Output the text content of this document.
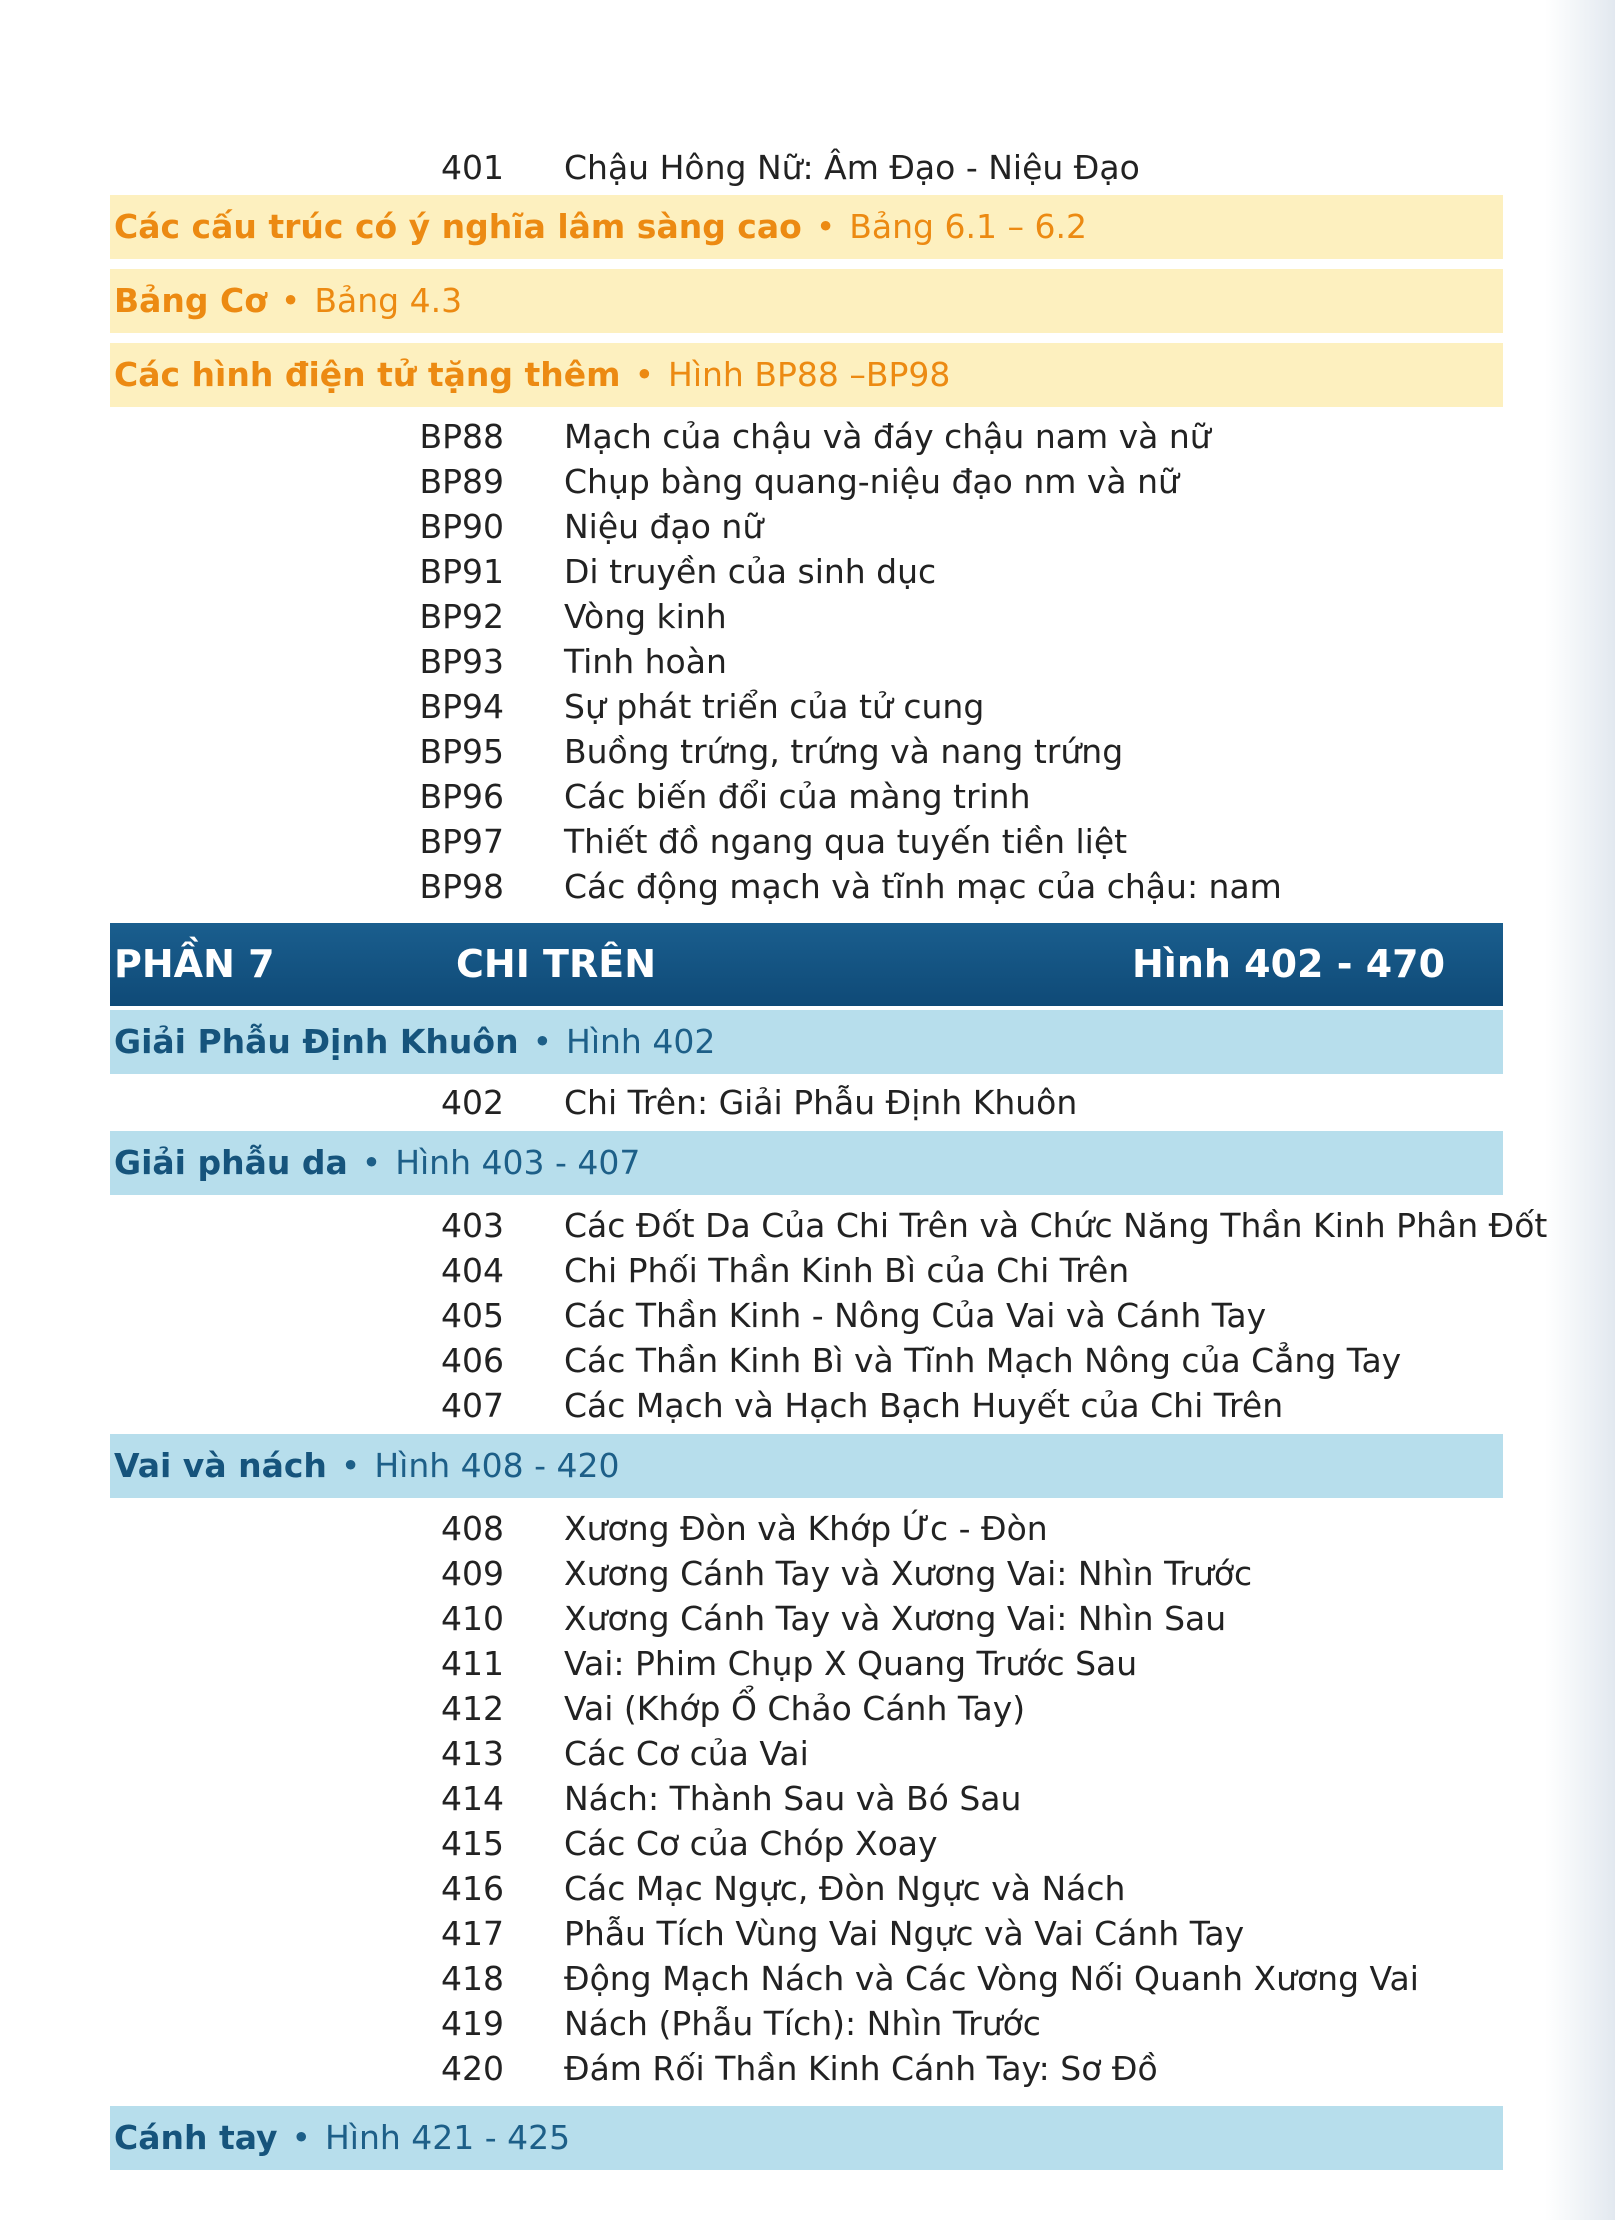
401 Chậu Hông Nữ: Âm Đạo - Niệu Đạo
Các cấu trúc có ý nghĩa lâm sàng cao • Bảng 6.1 – 6.2
Bảng Cơ • Bảng 4.3
Các hình điện tử tặng thêm • Hình BP88 –BP98
BP88 Mạch của chậu và đáy chậu nam và nữ
BP89 Chụp bàng quang-niệu đạo nm và nữ
BP90 Niệu đạo nữ
BP91 Di truyền của sinh dục
BP92 Vòng kinh
BP93 Tinh hoàn
BP94 Sự phát triển của tử cung
BP95 Buồng trứng, trứng và nang trứng
BP96 Các biến đổi của màng trinh
BP97 Thiết đồ ngang qua tuyến tiền liệt
BP98 Các động mạch và tĩnh mạc của chậu: nam
PHẦN 7	CHI TRÊN	Hình 402 - 470
Giải Phẫu Định Khuôn • Hình 402
402 Chi Trên: Giải Phẫu Định Khuôn
Giải phẫu da • Hình 403 - 407
403 Các Đốt Da Của Chi Trên và Chức Năng Thần Kinh Phân Đốt
404 Chi Phối Thần Kinh Bì của Chi Trên
405 Các Thần Kinh - Nông Của Vai và Cánh Tay
406 Các Thần Kinh Bì và Tĩnh Mạch Nông của Cẳng Tay
407 Các Mạch và Hạch Bạch Huyết của Chi Trên
Vai và nách • Hình 408 - 420
408 Xương Đòn và Khớp Ức - Đòn
409 Xương Cánh Tay và Xương Vai: Nhìn Trước
410 Xương Cánh Tay và Xương Vai: Nhìn Sau
411 Vai: Phim Chụp X Quang Trước Sau
412 Vai (Khớp Ổ Chảo Cánh Tay)
413 Các Cơ của Vai
414 Nách: Thành Sau và Bó Sau
415 Các Cơ của Chóp Xoay
416 Các Mạc Ngực, Đòn Ngực và Nách
417 Phẫu Tích Vùng Vai Ngực và Vai Cánh Tay
418 Động Mạch Nách và Các Vòng Nối Quanh Xương Vai
419 Nách (Phẫu Tích): Nhìn Trước
420 Đám Rối Thần Kinh Cánh Tay: Sơ Đồ
Cánh tay • Hình 421 - 425
